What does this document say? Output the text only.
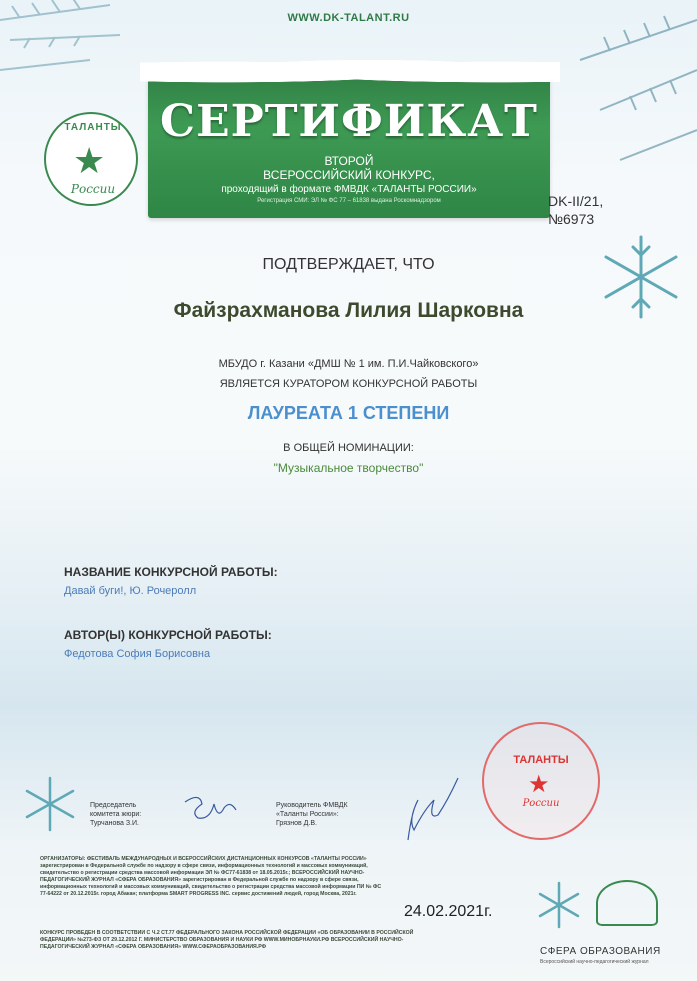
WWW.DK-TALANT.RU
СЕРТИФИКАТ
ВТОРОЙ
ВСЕРОССИЙСКИЙ КОНКУРС,
проходящий в формате ФМВДК «ТАЛАНТЫ РОССИИ»
Регистрация СМИ: ЭЛ № ФС 77 – 61838 выдана Роскомнадзором
ТАЛАНТЫ
★
России
DK-II/21,
№6973
ПОДТВЕРЖДАЕТ, ЧТО
Файзрахманова Лилия Шарковна
МБУДО г. Казани «ДМШ № 1 им. П.И.Чайковского»
ЯВЛЯЕТСЯ КУРАТОРОМ КОНКУРСНОЙ РАБОТЫ
ЛАУРЕАТА 1 СТЕПЕНИ
В ОБЩЕЙ НОМИНАЦИИ:
"Музыкальное творчество"
НАЗВАНИЕ КОНКУРСНОЙ РАБОТЫ:
Давай буги!, Ю. Рочеролл
АВТОР(Ы) КОНКУРСНОЙ РАБОТЫ:
Федотова София Борисовна
Председатель
комитета жюри:
Турчанова З.И.
Руководитель ФМВДК
«Таланты России»:
Грязнов Д.В.
ТАЛАНТЫ
★
России
ОРГАНИЗАТОРЫ: ФЕСТИВАЛЬ МЕЖДУНАРОДНЫХ И ВСЕРОССИЙСКИХ ДИСТАНЦИОННЫХ КОНКУРСОВ «ТАЛАНТЫ РОССИИ» зарегистрирован в Федеральной службе по надзору в сфере связи, информационных технологий и массовых коммуникаций, свидетельство о регистрации средства массовой информации ЭЛ № ФС77-61838 от 18.05.2015г.; ВСЕРОССИЙСКИЙ НАУЧНО-ПЕДАГОГИЧЕСКИЙ ЖУРНАЛ «СФЕРА ОБРАЗОВАНИЯ» зарегистрирован в Федеральной службе по надзору в сфере связи, информационных технологий и массовых коммуникаций, свидетельство о регистрации средства массовой информации ПИ № ФС 77-64222 от 20.12.2015г. город Абакан; платформа SMART PROGRESS INC. сервис достижений людей, город Москва, 2021г.
КОНКУРС ПРОВЕДЕН В СООТВЕТСТВИИ С Ч.2 СТ.77 ФЕДЕРАЛЬНОГО ЗАКОНА РОССИЙСКОЙ ФЕДЕРАЦИИ «ОБ ОБРАЗОВАНИИ В РОССИЙСКОЙ ФЕДЕРАЦИИ» №273-ФЗ ОТ 29.12.2012 Г. МИНИСТЕРСТВО ОБРАЗОВАНИЯ И НАУКИ РФ WWW.МИНОБРНАУКИ.РФ ВСЕРОССИЙСКИЙ НАУЧНО-ПЕДАГОГИЧЕСКИЙ ЖУРНАЛ «СФЕРА ОБРАЗОВАНИЯ» WWW.СФЕРАОБРАЗОВАНИЯ.РФ
24.02.2021г.
СФЕРА ОБРАЗОВАНИЯ
Всероссийский научно-педагогический журнал
